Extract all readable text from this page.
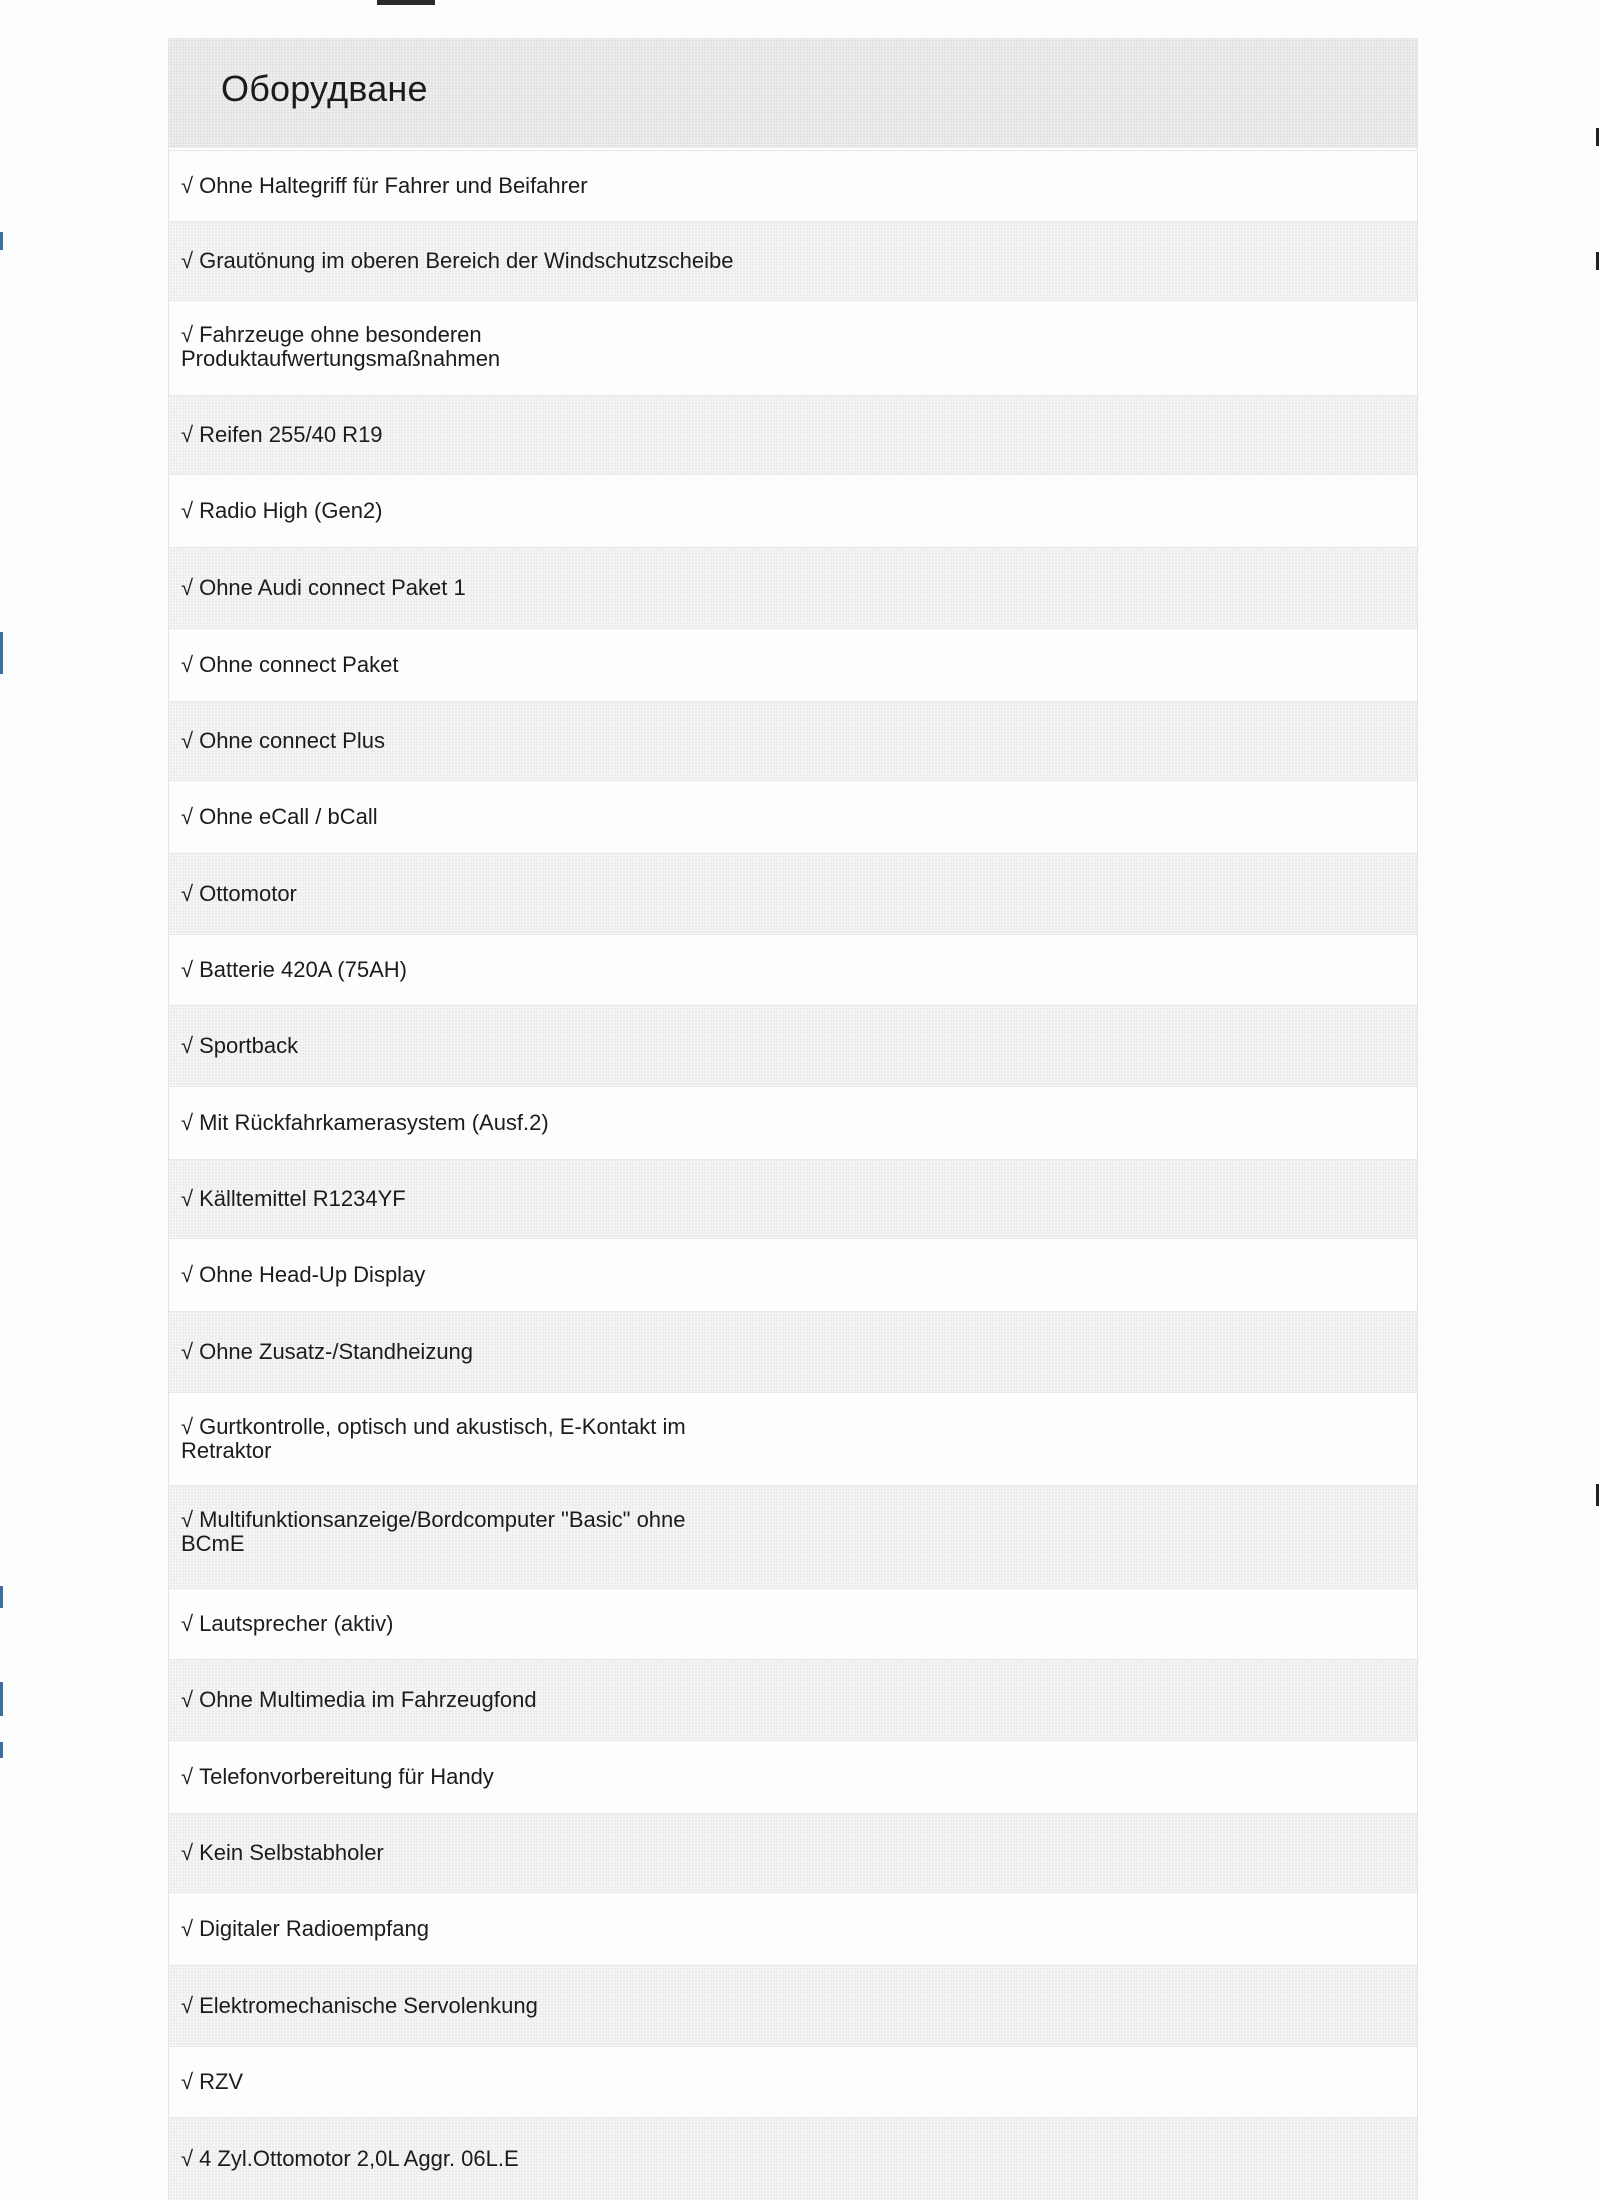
Оборудване
√ Ohne Haltegriff für Fahrer und Beifahrer
√ Grautönung im oberen Bereich der Windschutzscheibe
√ Fahrzeuge ohne besonderen Produktaufwertungsmaßnahmen
√ Reifen 255/40 R19
√ Radio High (Gen2)
√ Ohne Audi connect Paket 1
√ Ohne connect Paket
√ Ohne connect Plus
√ Ohne eCall / bCall
√ Ottomotor
√ Batterie 420A (75AH)
√ Sportback
√ Mit Rückfahrkamerasystem (Ausf.2)
√ Källtemittel R1234YF
√ Ohne Head-Up Display
√ Ohne Zusatz-/Standheizung
√ Gurtkontrolle, optisch und akustisch, E-Kontakt im Retraktor
√ Multifunktionsanzeige/Bordcomputer "Basic" ohne BCmE
√ Lautsprecher (aktiv)
√ Ohne Multimedia im Fahrzeugfond
√ Telefonvorbereitung für Handy
√ Kein Selbstabholer
√ Digitaler Radioempfang
√ Elektromechanische Servolenkung
√ RZV
√ 4 Zyl.Ottomotor 2,0L Aggr. 06L.E
